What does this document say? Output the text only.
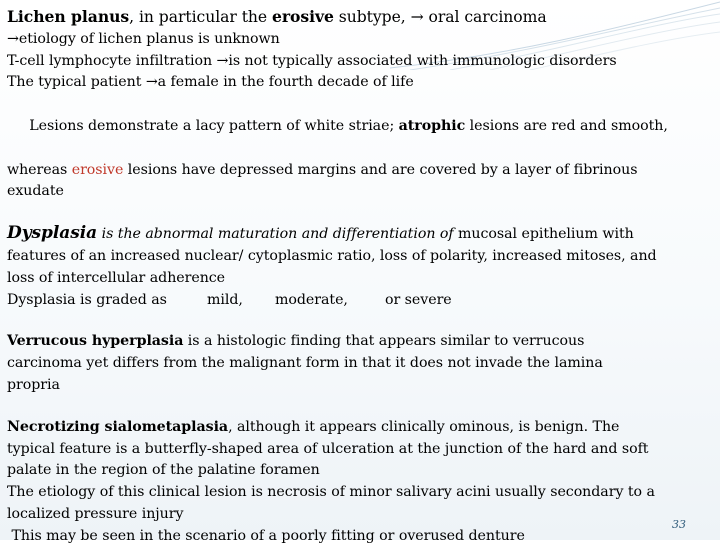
Lichen planus, in particular the erosive subtype, → oral carcinoma
→etiology of lichen planus is unknown
T-cell lymphocyte infiltration →is not typically associated with immunologic disorders
The typical patient →a female in the fourth decade of life

Lesions demonstrate a lacy pattern of white striae; atrophic lesions are red and smooth,

whereas erosive lesions have depressed margins and are covered by a layer of fibrinous
exudate
Dysplasia is the abnormal maturation and differentiation of mucosal epithelium with
features of an increased nuclear/ cytoplasmic ratio, loss of polarity, increased mitoses, and
loss of intercellular adherence
Dysplasia is graded as	mild, moderate,	or severe
Verrucous hyperplasia is a histologic finding that appears similar to verrucous
carcinoma yet differs from the malignant form in that it does not invade the lamina
propria
Necrotizing sialometaplasia, although it appears clinically ominous, is benign. The
typical feature is a butterfly-shaped area of ulceration at the junction of the hard and soft
palate in the region of the palatine foramen
The etiology of this clinical lesion is necrosis of minor salivary acini usually secondary to a
localized pressure injury
This may be seen in the scenario of a poorly fitting or overused denture
33
